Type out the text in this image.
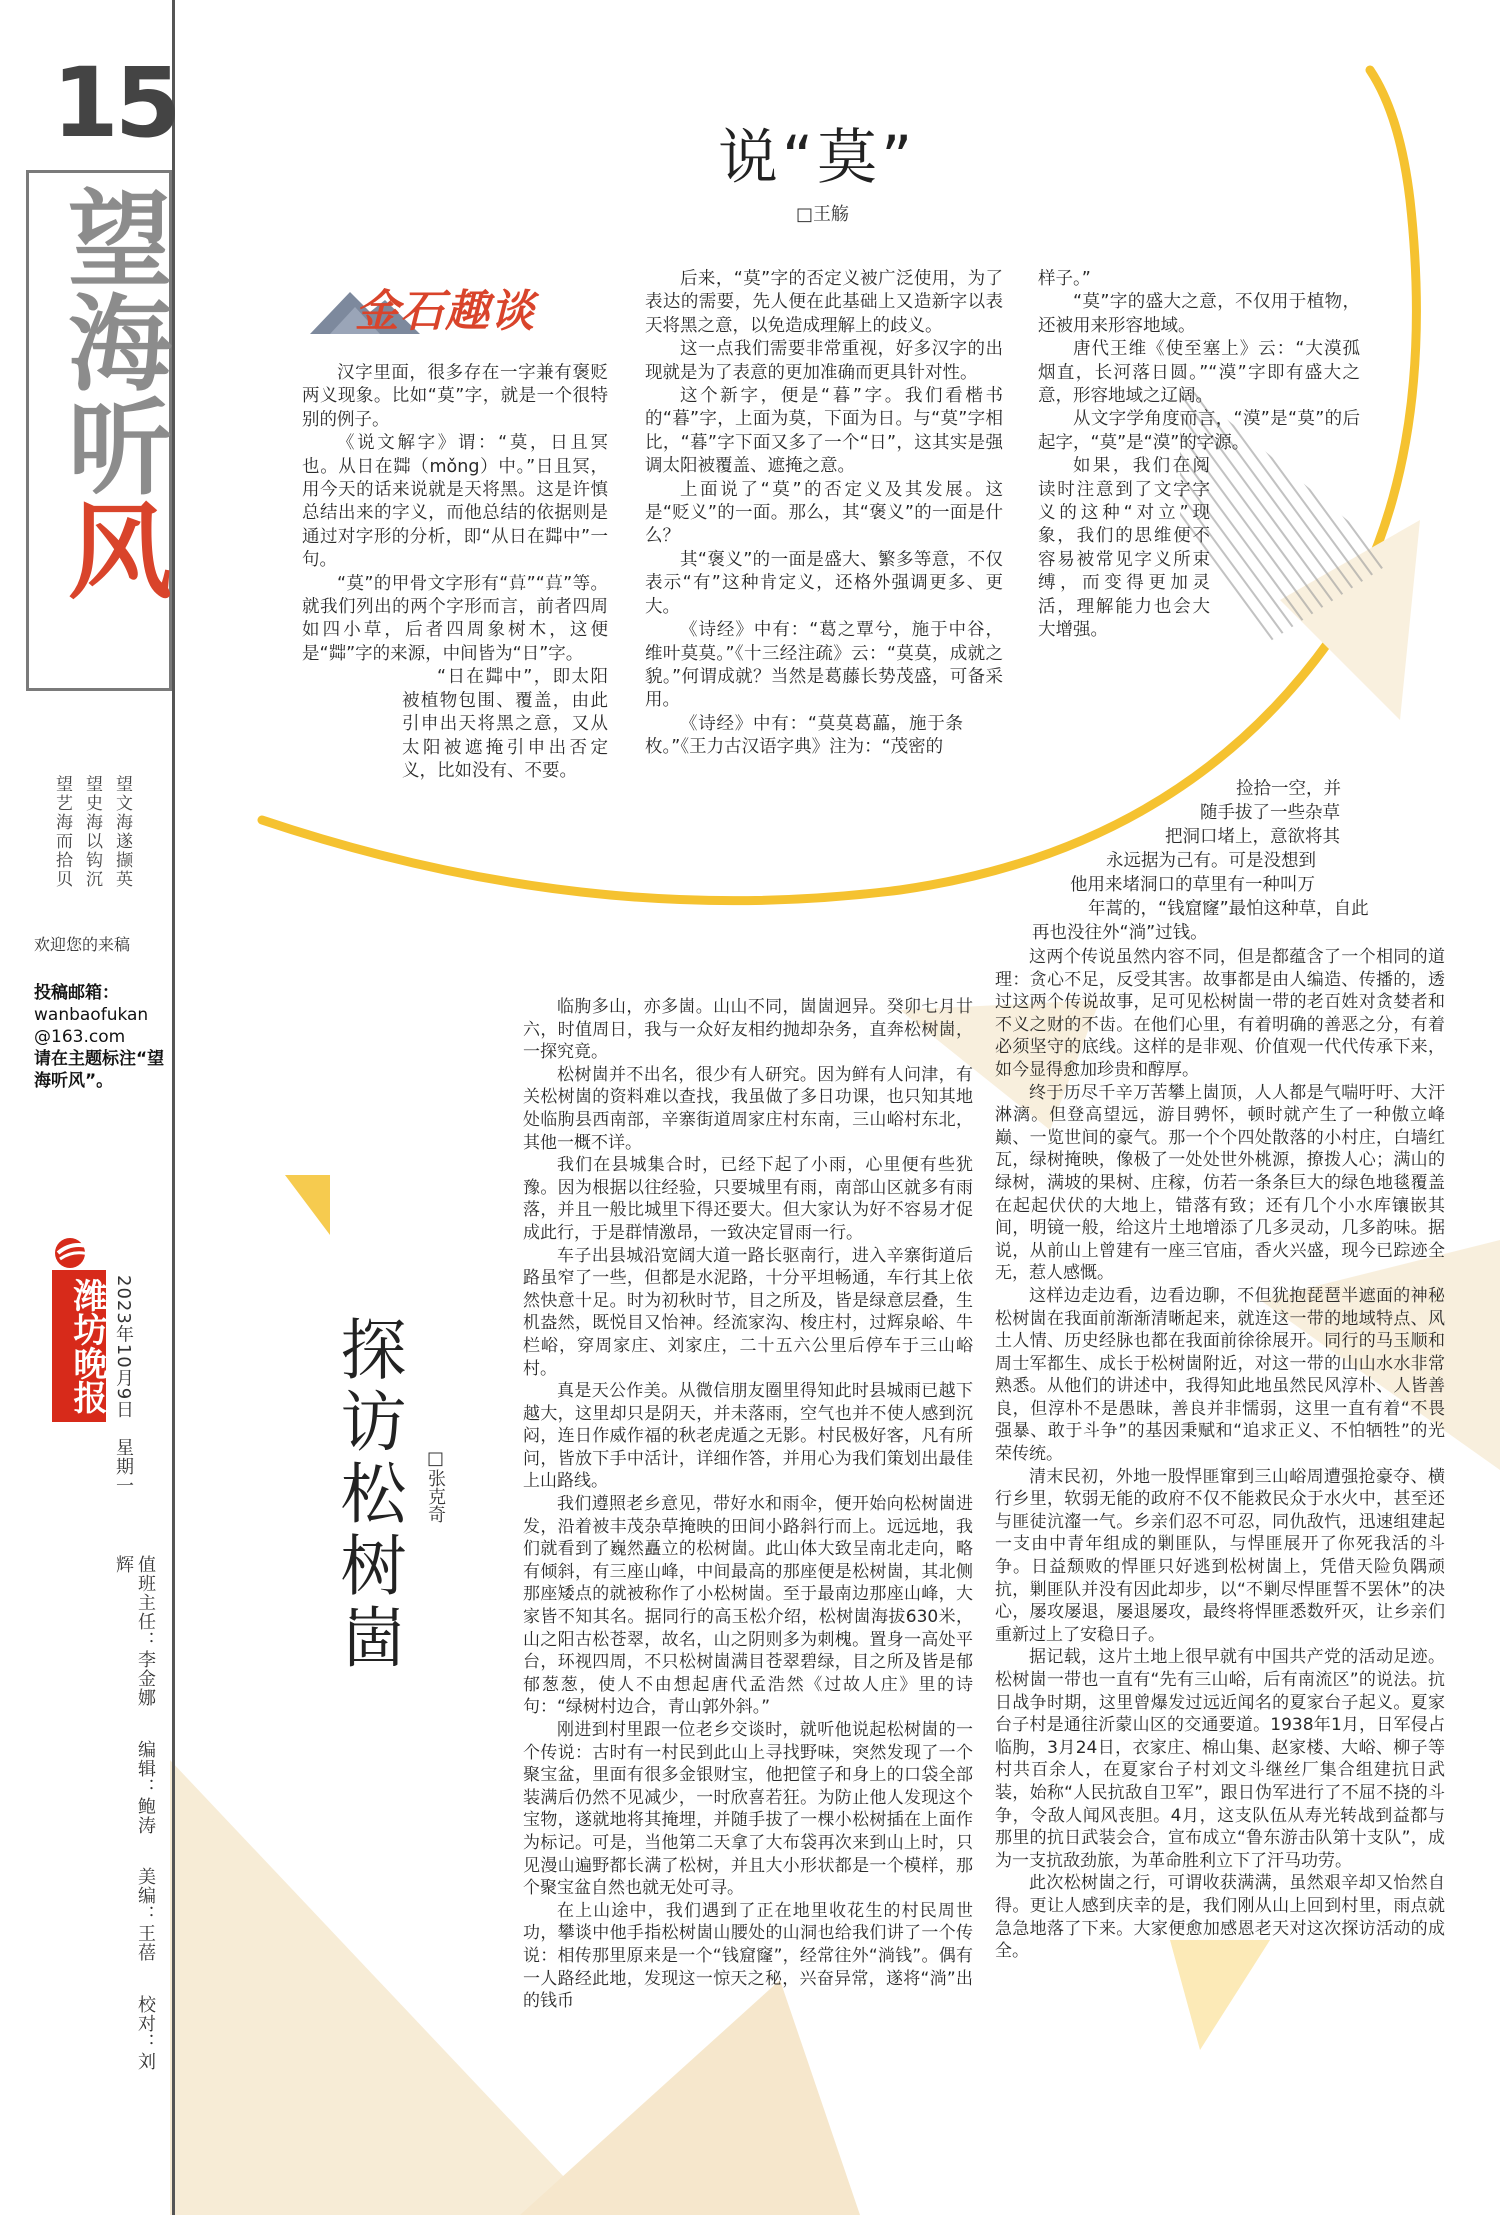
15
望海听风
望文海遂撷英
望史海以钩沉
望艺海而拾贝
欢迎您的来稿
投稿邮箱：
wanbaofukan
@163.com
请在主题标注“望海听风”。
潍坊晚报 2023年10月9日　星期一
值班主任：李金娜 编辑：鲍涛 美编：王蓓 校对：刘辉
说“莫”
□王觞
金石趣谈

汉字里面，很多存在一字兼有褒贬两义现象。比如“莫”字，就是一个很特别的例子。

《说文解字》谓：“莫，日且冥也。从日在茻（mǒng）中。”日且冥，用今天的话来说就是天将黑。这是许慎总结出来的字义，而他总结的依据则是通过对字形的分析，即“从日在茻中”一句。

“莫”的甲骨文字形有“𦱤”“𦱤”等。就我们列出的两个字形而言，前者四周如四小草，后者四周象树木，这便是“茻”字的来源，中间皆为“日”字。

“日在茻中”，即太阳被植物包围、覆盖，由此引申出天将黑之意，又从太阳被遮掩引申出否定义，比如没有、不要。

后来，“莫”字的否定义被广泛使用，为了表达的需要，先人便在此基础上又造新字以表天将黑之意，以免造成理解上的歧义。

这一点我们需要非常重视，好多汉字的出现就是为了表意的更加准确而更具针对性。

这个新字，便是“暮”字。我们看楷书的“暮”字，上面为莫，下面为日。与“莫”字相比，“暮”字下面又多了一个“日”，这其实是强调太阳被覆盖、遮掩之意。

上面说了“莫”的否定义及其发展。这是“贬义”的一面。那么，其“褒义”的一面是什么？

其“褒义”的一面是盛大、繁多等意，不仅表示“有”这种肯定义，还格外强调更多、更大。

《诗经》中有：“葛之覃兮，施于中谷，维叶莫莫。”《十三经注疏》云：“莫莫，成就之貌。”何谓成就？当然是葛藤长势茂盛，可备采用。

《诗经》中有：“莫莫葛藟，施于条枚。”《王力古汉语字典》注为：“茂密的

样子。”

“莫”字的盛大之意，不仅用于植物，还被用来形容地域。

唐代王维《使至塞上》云：“大漠孤烟直，长河落日圆。”“漠”字即有盛大之意，形容地域之辽阔。

从文字学角度而言，“漠”是“莫”的后起字，“莫”是“漠”的字源。

如果，我们在阅读时注意到了文字字义的这种“对立”现象，我们的思维便不容易被常见字义所束缚，而变得更加灵活，理解能力也会大大增强。

探访松树崮 □张克奇

临朐多山，亦多崮。山山不同，崮崮迥异。癸卯七月廿六，时值周日，我与一众好友相约抛却杂务，直奔松树崮，一探究竟。

松树崮并不出名，很少有人研究。因为鲜有人问津，有关松树崮的资料难以查找，我虽做了多日功课，也只知其地处临朐县西南部，辛寨街道周家庄村东南，三山峪村东北，其他一概不详。

我们在县城集合时，已经下起了小雨，心里便有些犹豫。因为根据以往经验，只要城里有雨，南部山区就多有雨落，并且一般比城里下得还要大。但大家认为好不容易才促成此行，于是群情激昂，一致决定冒雨一行。

车子出县城沿宽阔大道一路长驱南行，进入辛寨街道后路虽窄了一些，但都是水泥路，十分平坦畅通，车行其上依然快意十足。时为初秋时节，目之所及，皆是绿意层叠，生机盎然，既悦目又怡神。经流家沟、梭庄村，过辉泉峪、牛栏峪，穿周家庄、刘家庄，二十五六公里后停车于三山峪村。

真是天公作美。从微信朋友圈里得知此时县城雨已越下越大，这里却只是阴天，并未落雨，空气也并不使人感到沉闷，连日作威作福的秋老虎遁之无影。村民极好客，凡有所问，皆放下手中活计，详细作答，并用心为我们策划出最佳上山路线。

我们遵照老乡意见，带好水和雨伞，便开始向松树崮进发，沿着被丰茂杂草掩映的田间小路斜行而上。远远地，我们就看到了巍然矗立的松树崮。此山体大致呈南北走向，略有倾斜，有三座山峰，中间最高的那座便是松树崮，其北侧那座矮点的就被称作了小松树崮。至于最南边那座山峰，大家皆不知其名。据同行的高玉松介绍，松树崮海拔630米，山之阳古松苍翠，故名，山之阴则多为刺槐。置身一高处平台，环视四周，不只松树崮满目苍翠碧绿，目之所及皆是郁郁葱葱，使人不由想起唐代孟浩然《过故人庄》里的诗句：“绿树村边合，青山郭外斜。”

刚进到村里跟一位老乡交谈时，就听他说起松树崮的一个传说：古时有一村民到此山上寻找野味，突然发现了一个聚宝盆，里面有很多金银财宝，他把筐子和身上的口袋全部装满后仍然不见减少，一时欣喜若狂。为防止他人发现这个宝物，遂就地将其掩埋，并随手拔了一棵小松树插在上面作为标记。可是，当他第二天拿了大布袋再次来到山上时，只见漫山遍野都长满了松树，并且大小形状都是一个模样，那个聚宝盆自然也就无处可寻。

在上山途中，我们遇到了正在地里收花生的村民周世功，攀谈中他手指松树崮山腰处的山洞也给我们讲了一个传说：相传那里原来是一个“钱窟窿”，经常往外“淌钱”。偶有一人路经此地，发现这一惊天之秘，兴奋异常，遂将“淌”出的钱币

捡拾一空，并
随手拔了一些杂草
把洞口堵上，意欲将其
永远据为己有。可是没想到
他用来堵洞口的草里有一种叫万
年蒿的，“钱窟窿”最怕这种草，自此
再也没往外“淌”过钱。

这两个传说虽然内容不同，但是都蕴含了一个相同的道理：贪心不足，反受其害。故事都是由人编造、传播的，透过这两个传说故事，足可见松树崮一带的老百姓对贪婪者和不义之财的不齿。在他们心里，有着明确的善恶之分，有着必须坚守的底线。这样的是非观、价值观一代代传承下来，如今显得愈加珍贵和醇厚。

终于历尽千辛万苦攀上崮顶，人人都是气喘吁吁、大汗淋漓。但登高望远，游目骋怀，顿时就产生了一种傲立峰巅、一览世间的豪气。那一个个四处散落的小村庄，白墙红瓦，绿树掩映，像极了一处处世外桃源，撩拨人心；满山的绿树，满坡的果树、庄稼，仿若一条条巨大的绿色地毯覆盖在起起伏伏的大地上，错落有致；还有几个小水库镶嵌其间，明镜一般，给这片土地增添了几多灵动，几多韵味。据说，从前山上曾建有一座三官庙，香火兴盛，现今已踪迹全无，惹人感慨。

这样边走边看，边看边聊，不但犹抱琵琶半遮面的神秘松树崮在我面前渐渐清晰起来，就连这一带的地域特点、风土人情、历史经脉也都在我面前徐徐展开。同行的马玉顺和周士军都生、成长于松树崮附近，对这一带的山山水水非常熟悉。从他们的讲述中，我得知此地虽然民风淳朴、人皆善良，但淳朴不是愚昧，善良并非懦弱，这里一直有着“不畏强暴、敢于斗争”的基因秉赋和“追求正义、不怕牺牲”的光荣传统。

清末民初，外地一股悍匪窜到三山峪周遭强抢豪夺、横行乡里，软弱无能的政府不仅不能救民众于水火中，甚至还与匪徒沆瀣一气。乡亲们忍不可忍，同仇敌忾，迅速组建起一支由中青年组成的剿匪队，与悍匪展开了你死我活的斗争。日益颓败的悍匪只好逃到松树崮上，凭借天险负隅顽抗，剿匪队并没有因此却步，以“不剿尽悍匪誓不罢休”的决心，屡攻屡退，屡退屡攻，最终将悍匪悉数歼灭，让乡亲们重新过上了安稳日子。

据记载，这片土地上很早就有中国共产党的活动足迹。松树崮一带也一直有“先有三山峪，后有南流区”的说法。抗日战争时期，这里曾爆发过远近闻名的夏家台子起义。夏家台子村是通往沂蒙山区的交通要道。1938年1月，日军侵占临朐，3月24日，衣家庄、棉山集、赵家楼、大峪、柳子等村共百余人，在夏家台子村刘文斗继丝厂集合组建抗日武装，始称“人民抗敌自卫军”，跟日伪军进行了不屈不挠的斗争，令敌人闻风丧胆。4月，这支队伍从寿光转战到益都与那里的抗日武装会合，宣布成立“鲁东游击队第十支队”，成为一支抗敌劲旅，为革命胜利立下了汗马功劳。

此次松树崮之行，可谓收获满满，虽然艰辛却又怡然自得。更让人感到庆幸的是，我们刚从山上回到村里，雨点就急急地落了下来。大家便愈加感恩老天对这次探访活动的成全。
